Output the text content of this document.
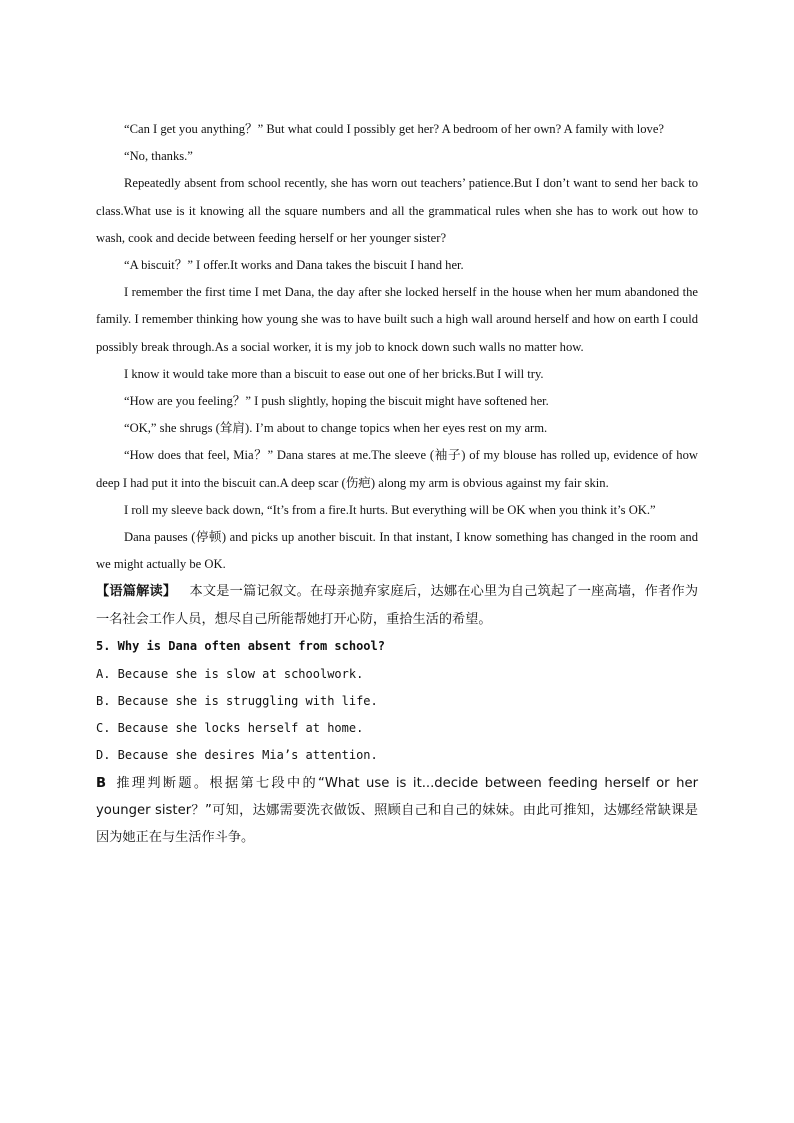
“Can I get you anything？” But what could I possibly get her? A bedroom of her own? A family with love?

“No, thanks.”

Repeatedly absent from school recently, she has worn out teachers’ patience.But I don’t want to send her back to class.What use is it knowing all the square numbers and all the grammatical rules when she has to work out how to wash, cook and decide between feeding herself or her younger sister?

“A biscuit？” I offer.It works and Dana takes the biscuit I hand her.

I remember the first time I met Dana, the day after she locked herself in the house when her mum abandoned the family. I remember thinking how young she was to have built such a high wall around herself and how on earth I could possibly break through.As a social worker, it is my job to knock down such walls no matter how.

I know it would take more than a biscuit to ease out one of her bricks.But I will try.

“How are you feeling？” I push slightly, hoping the biscuit might have softened her.

“OK,” she shrugs (耸肩). I’m about to change topics when her eyes rest on my arm.

“How does that feel, Mia？” Dana stares at me.The sleeve (袖子) of my blouse has rolled up, evidence of how deep I had put it into the biscuit can.A deep scar (伤疤) along my arm is obvious against my fair skin.

I roll my sleeve back down, “It’s from a fire.It hurts. But everything will be OK when you think it’s OK.”

Dana pauses (停顿) and picks up another biscuit. In that instant, I know something has changed in the room and we might actually be OK.

【语篇解读】 本文是一篇记叙文。在母亲抛弃家庭后，达娜在心里为自己筑起了一座高墙，作者作为一名社会工作人员，想尽自己所能帮她打开心防，重拾生活的希望。

5. Why is Dana often absent from school?

A. Because she is slow at schoolwork.

B. Because she is struggling with life.

C. Because she locks herself at home.

D. Because she desires Mia’s attention.

B 推理判断题。根据第七段中的“What use is it...decide between feeding herself or her younger sister？”可知，达娜需要洗衣做饭、照顾自己和自己的妹妹。由此可推知，达娜经常缺课是因为她正在与生活作斗争。
